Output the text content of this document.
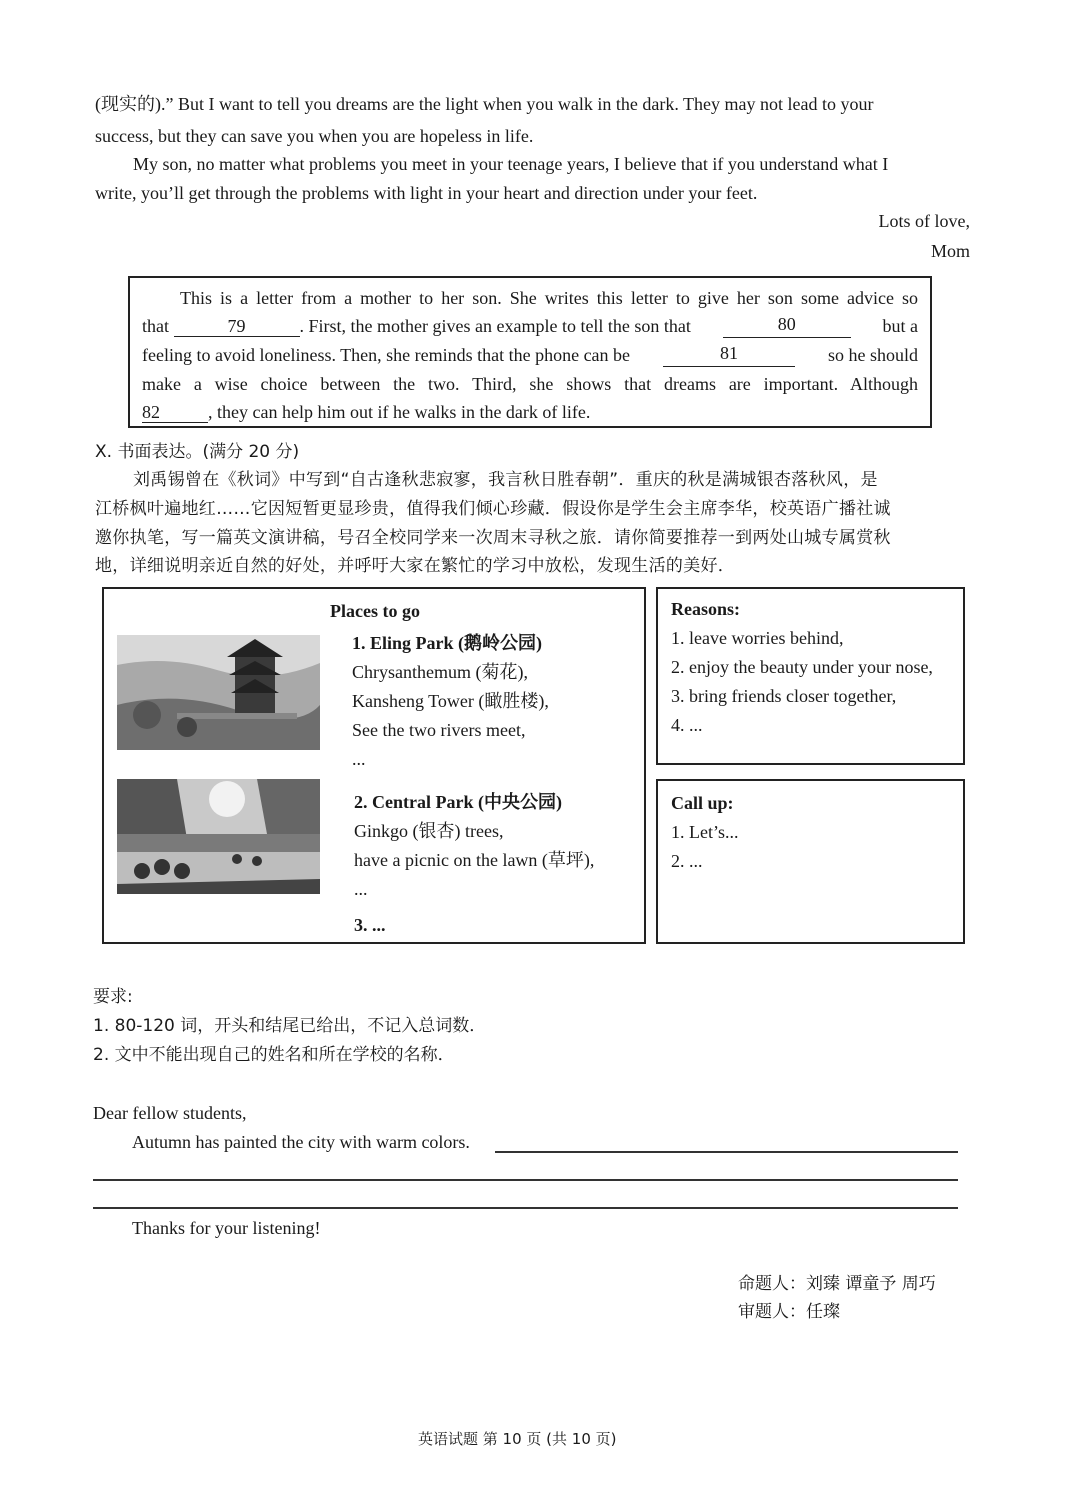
(现实的).” But I want to tell you dreams are the light when you walk in the dark. They may not lead to your
success, but they can save you when you are hopeless in life.
My son, no matter what problems you meet in your teenage years, I believe that if you understand what I
write, you’ll get through the problems with light in your heart and direction under your feet.
Lots of love,
Mom
This is a letter from a mother to her son. She writes this letter to give her son some advice so
that	79	. First, the mother gives an example to tell the son that	80	but a
feeling to avoid loneliness. Then, she reminds that the phone can be	81	so he should
make a wise choice between the two. Third, she shows that dreams are important. Although
82	, they can help him out if he walks in the dark of life.
X. 书面表达。(满分 20 分)
刘禹锡曾在《秋词》中写到“自古逢秋悲寂寥，我言秋日胜春朝”．重庆的秋是满城银杏落秋风，是
江桥枫叶遍地红……它因短暂更显珍贵，值得我们倾心珍藏．假设你是学生会主席李华，校英语广播社诚
邀你执笔，写一篇英文演讲稿，号召全校同学来一次周末寻秋之旅．请你简要推荐一到两处山城专属赏秋
地，详细说明亲近自然的好处，并呼吁大家在繁忙的学习中放松，发现生活的美好．
Places to go
1. Eling Park (鹅岭公园)
Chrysanthemum (菊花),
Kansheng Tower (瞰胜楼),
See the two rivers meet,
...
2. Central Park (中央公园)
Ginkgo (银杏) trees,
have a picnic on the lawn (草坪),
...
3. ...
Reasons:
1. leave worries behind,
2. enjoy the beauty under your nose,
3. bring friends closer together,
4. ...
Call up:
1. Let’s...
2. ...
要求:
1. 80-120 词，开头和结尾已给出，不记入总词数．
2. 文中不能出现自己的姓名和所在学校的名称．
Dear fellow students,
Autumn has painted the city with warm colors.
Thanks for your listening!
命题人：刘臻 谭童予 周巧
审题人：任璨
英语试题 第 10 页 (共 10 页)
